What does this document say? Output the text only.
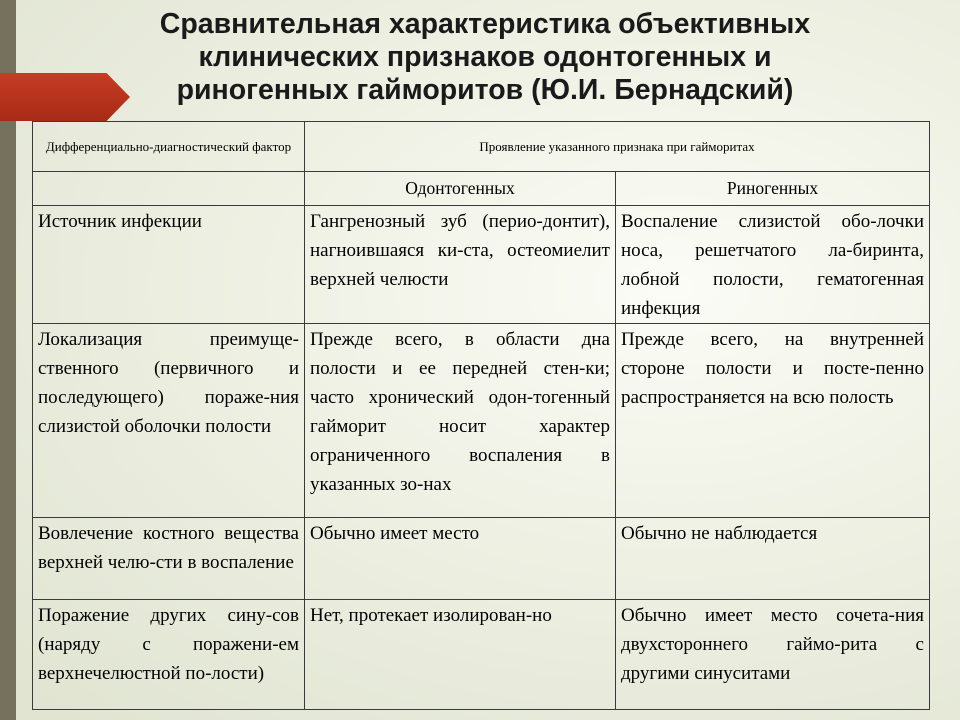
Сравнительная характеристика объективных
клинических признаков одонтогенных и
риногенных гайморитов (Ю.И. Бернадский)
Дифференциально-диагностический фактор	Проявление указанного признака при гайморитах	
	Одонтогенных	Риногенных
Источник инфекции	Гангренозный зуб (перио-донтит), нагноившаяся ки-ста, остеомиелит верхней челюсти	Воспаление слизистой обо-лочки носа, решетчатого ла-биринта, лобной полости, гематогенная инфекция
Локализация преимуще-ственного (первичного и последующего) пораже-ния слизистой оболочки полости	Прежде всего, в области дна полости и ее передней стен-ки; часто хронический одон-тогенный гайморит носит характер ограниченного воспаления в указанных зо-нах	Прежде всего, на внутренней стороне полости и посте-пенно распространяется на всю полость
Вовлечение костного вещества верхней челю-сти в воспаление	Обычно имеет место	Обычно не наблюдается
Поражение других сину-сов (наряду с поражени-ем верхнечелюстной по-лости)	Нет, протекает изолирован-но	Обычно имеет место сочета-ния двухстороннего гаймо-рита с другими синуситами
